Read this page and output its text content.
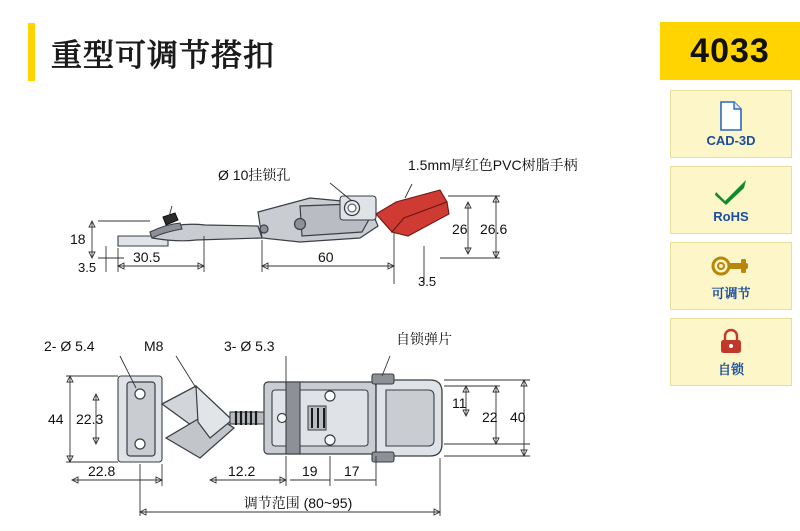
重型可调节搭扣	4033
CAD-3D
RoHS
可调节
自锁
Ø 10挂锁孔
1.5mm厚红色PVC树脂手柄
18
3.5
30.5	60
26 26.6
3.5
2- Ø 5.4	M8	3- Ø 5.3	自锁弹片
44 22.3
22.8	12.2	19 17
11
22 40
调节范围 (80~95)
